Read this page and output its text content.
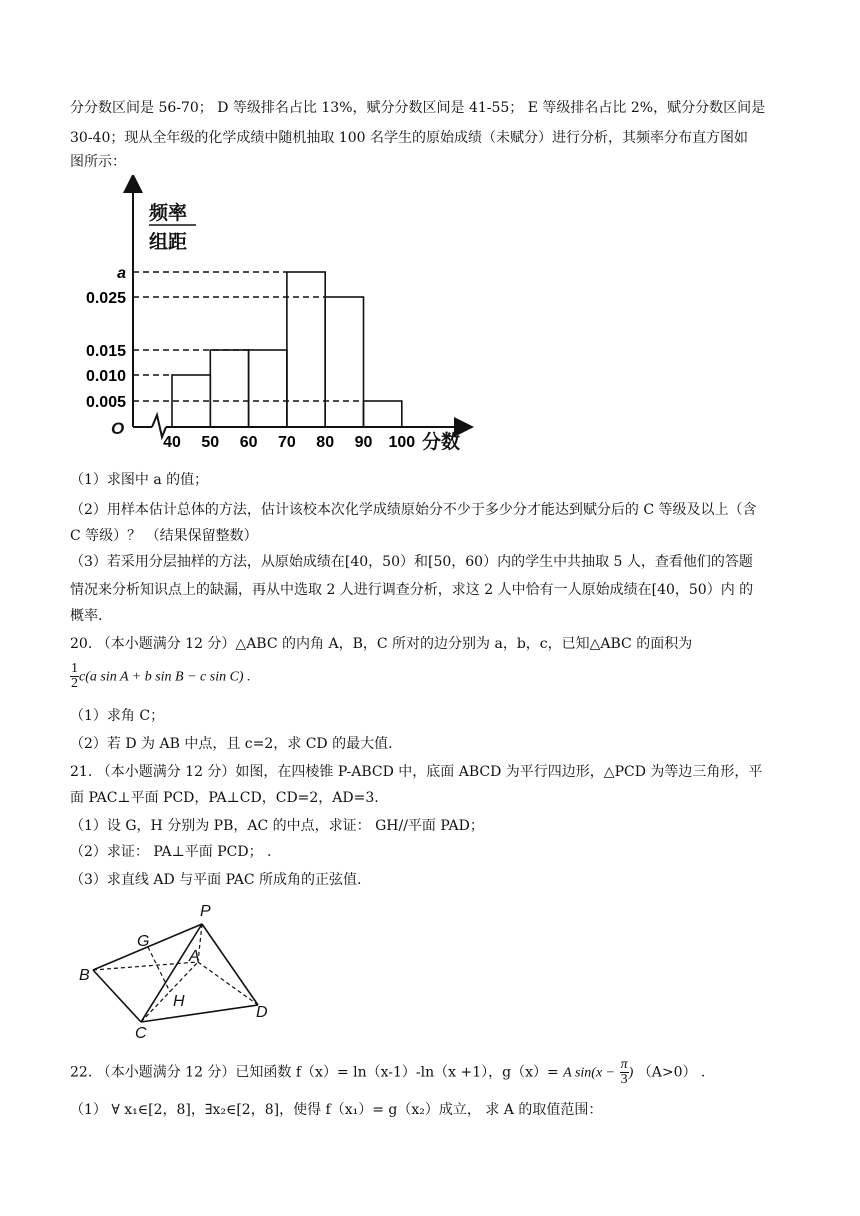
分分数区间是 56-70； D 等级排名占比 13%，赋分分数区间是 41-55； E 等级排名占比 2%，赋分分数区间是
30-40；现从全年级的化学成绩中随机抽取 100 名学生的原始成绩（未赋分）进行分析，其频率分布直方图如
图所示：
频率
组距
a
0.025
0.015
0.010
0.005
40 50 60 70 80 90 100
O
分数
（1）求图中 a 的值；
（2）用样本估计总体的方法，估计该校本次化学成绩原始分不少于多少分才能达到赋分后的 C 等级及以上（含
C 等级）？ （结果保留整数）
（3）若采用分层抽样的方法，从原始成绩在[40，50）和[50，60）内的学生中共抽取 5 人，查看他们的答题
情况来分析知识点上的缺漏，再从中选取 2 人进行调查分析，求这 2 人中恰有一人原始成绩在[40，50）内 的
概率.
20. （本小题满分 12 分）△ABC 的内角 A，B，C 所对的边分别为 a，b，c，已知△ABC 的面积为
$\frac{1}{2} c(a$ sin A + b sin B − c sin C) .
（1）求角 C；
（2）若 D 为 AB 中点，且 c=2，求 CD 的最大值.
21. （本小题满分 12 分）如图，在四棱锥 P-ABCD 中，底面 ABCD 为平行四边形，△PCD 为等边三角形，平
面 PAC⊥平面 PCD，PA⊥CD，CD=2，AD=3.
（1）设 G，H 分别为 PB，AC 的中点，求证： GH//平面 PAD；
（2）求证： PA⊥平面 PCD； .
（3）求直线 AD 与平面 PAC 所成角的正弦值.
P
G
A
B
H
C
D
22. （本小题满分 12 分）已知函数 f（x）= ln（x-1）-ln（x +1），g（x）= A $\sin(x - \frac{\pi}{3}$ ) （A>0） .
（1） ∀ x₁∈[2，8]，∃x₂∈[2，8]，使得 f（x₁）= g（x₂）成立， 求 A 的取值范围：
